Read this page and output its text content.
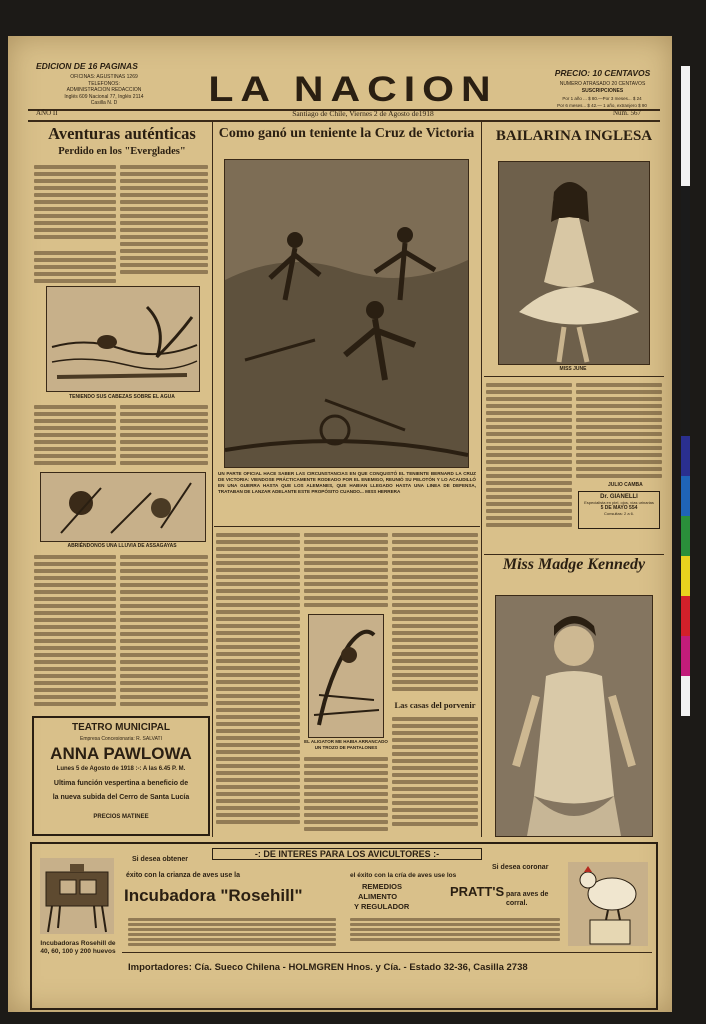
EDICION DE 16 PAGINAS
OFICINAS: AGUSTINAS 1269
TELEFONOS:
ADMINISTRACION REDACCION
Inglés 609 Nacional 77, Inglés 2114
Casilla N. D	LA NACION	PRECIO: 10 CENTAVOS
NUMERO ATRASADO 20 CENTAVOS
SUSCRIPCIONES
Por 1 año ... $ 80.—Por 3 meses... $ 24
Por 6 meses... $ 42.— 1 año, extranjero $ 90
AÑO II	Santiago de Chile, Viernes 2 de Agosto de1918	Núm. 567
Aventuras auténticas
Perdido en los "Everglades"
TENIENDO SUS CABEZAS SOBRE EL AGUA
ABRIÉNDONOS UNA LLUVIA DE ASSAGAYAS
TEATRO MUNICIPAL
Empresa Concesionaria: R. SALVATI
ANNA PAWLOWA
Lunes 5 de Agosto de 1918 :-: A las 6.45 P. M.
Ultima función vespertina a beneficio de
la nueva subida del Cerro de Santa Lucía
PRECIOS MATINEE
Como ganó un teniente la Cruz de Victoria
UN PARTE OFICIAL HACE SABER LAS CIRCUNSTANCIAS EN QUE CONQUISTÓ EL TENIENTE BERNARD LA CRUZ DE VICTORIA: VIENDOSE PRÁCTICAMENTE RODEADO POR EL ENEMIGO, REUNIÓ SU PELOTÓN Y LO ACAUDILLÓ EN UNA GUERRA HASTA QUE LOS ALEMANES, QUE HABIAN LLEGADO HASTA UNA LINEA DE DEFENSA, TRATABAN DE LANZAR ADELANTE ESTE PROPÓSITO CUANDO... MISS HERRERA
EL ALIGATOR ME HABIA ARRANCADO UN TROZO DE PANTALONES
Las casas del porvenir
BAILARINA INGLESA
MISS JUNE
JULIO CAMBA
Dr. GIANELLI
Especialista en piel, ojos, vías urinarias
5 DE MAYO 554
Consultas: 2 a 6.
Miss Madge Kennedy
-: DE INTERES PARA LOS AVICULTORES :-
Incubadoras Rosehill de 40, 60, 100 y 200 huevos
Si desea obtener
éxito con la crianza de aves use la
Incubadora "Rosehill"
el éxito con la cría de aves use los
REMEDIOS
ALIMENTO
Y REGULADOR
PRATT'S
Si desea coronar
para aves de corral.
Importadores: Cía. Sueco Chilena - HOLMGREN Hnos. y Cía. - Estado 32-36, Casilla 2738
